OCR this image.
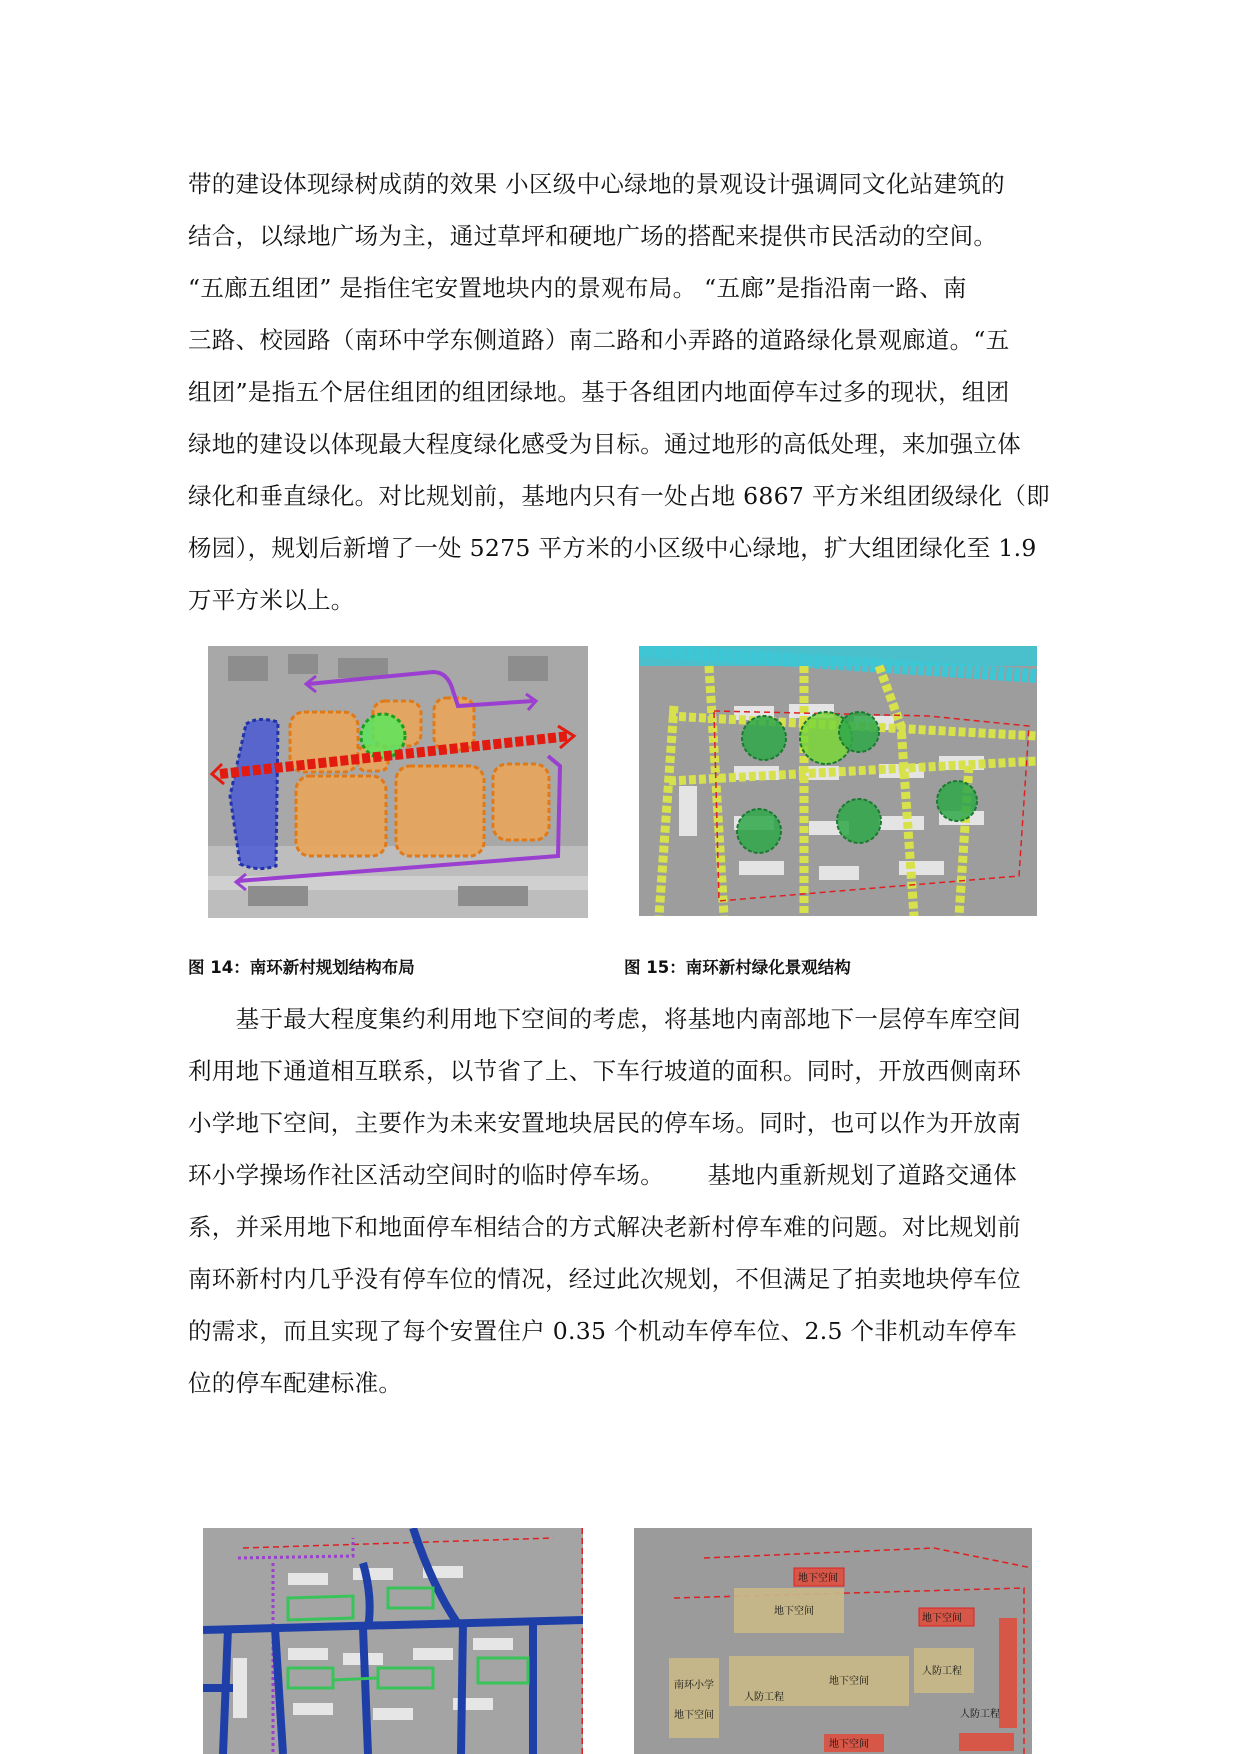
带的建设体现绿树成荫的效果 小区级中心绿地的景观设计强调同文化站建筑的
结合，以绿地广场为主，通过草坪和硬地广场的搭配来提供市民活动的空间。
“五廊五组团” 是指住宅安置地块内的景观布局。 “五廊”是指沿南一路、南
三路、校园路（南环中学东侧道路）南二路和小弄路的道路绿化景观廊道。“五
组团”是指五个居住组团的组团绿地。基于各组团内地面停车过多的现状，组团
绿地的建设以体现最大程度绿化感受为目标。通过地形的高低处理，来加强立体
绿化和垂直绿化。对比规划前，基地内只有一处占地 6867 平方米组团级绿化（即
杨园），规划后新增了一处 5275 平方米的小区级中心绿地，扩大组团绿化至 1.9
万平方米以上。
图 14：南环新村规划结构布局	图 15：南环新村绿化景观结构
　　基于最大程度集约利用地下空间的考虑，将基地内南部地下一层停车库空间
利用地下通道相互联系，以节省了上、下车行坡道的面积。同时，开放西侧南环
小学地下空间，主要作为未来安置地块居民的停车场。同时，也可以作为开放南
环小学操场作社区活动空间时的临时停车场。　　 基地内重新规划了道路交通体
系，并采用地下和地面停车相结合的方式解决老新村停车难的问题。对比规划前
南环新村内几乎没有停车位的情况，经过此次规划，不但满足了拍卖地块停车位
的需求，而且实现了每个安置住户 0.35 个机动车停车位、2.5 个非机动车停车
位的停车配建标准。
地下空间
地下空间
地下空间
地下空间
地下空间
人防工程
人防工程
人防工程
南环小学
地下空间
